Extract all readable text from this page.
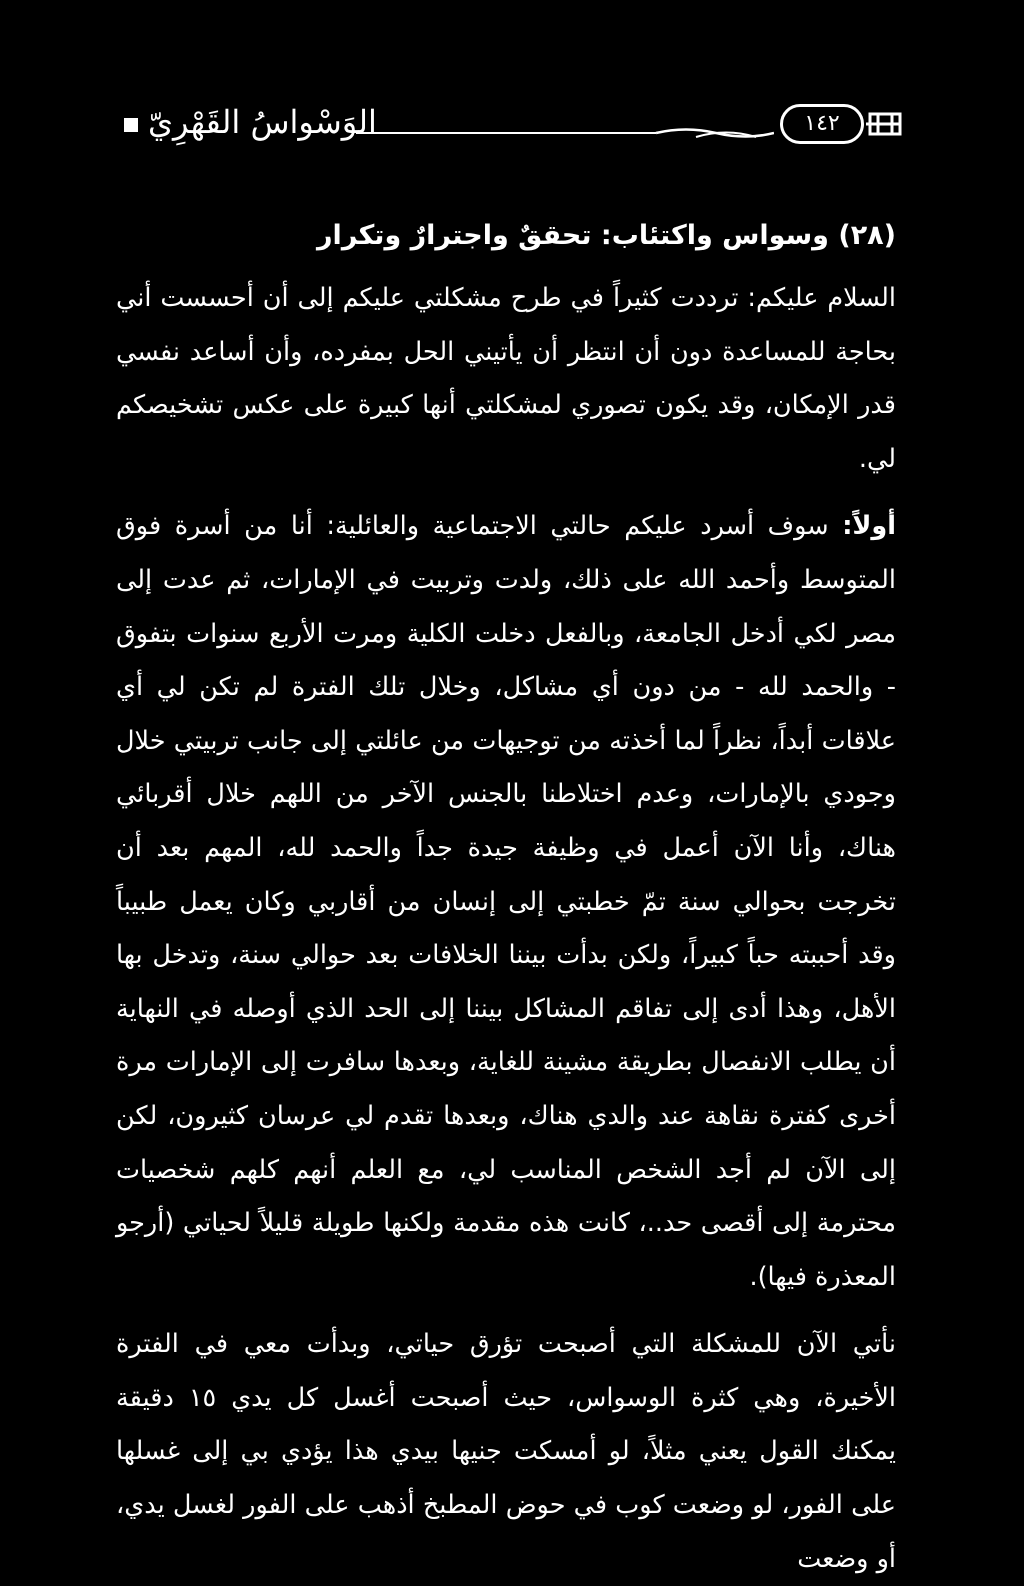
الوَسْواسُ القَهْرِيّ	١٤٢
(٢٨) وسواس واكتئاب: تحققٌ واجترارٌ وتكرار

السلام عليكم: ترددت كثيراً في طرح مشكلتي عليكم إلى أن أحسست أني بحاجة للمساعدة دون أن انتظر أن يأتيني الحل بمفرده، وأن أساعد نفسي قدر الإمكان، وقد يكون تصوري لمشكلتي أنها كبيرة على عكس تشخيصكم لي.

أولاً: سوف أسرد عليكم حالتي الاجتماعية والعائلية: أنا من أسرة فوق المتوسط وأحمد الله على ذلك، ولدت وتربيت في الإمارات، ثم عدت إلى مصر لكي أدخل الجامعة، وبالفعل دخلت الكلية ومرت الأربع سنوات بتفوق - والحمد لله - من دون أي مشاكل، وخلال تلك الفترة لم تكن لي أي علاقات أبداً، نظراً لما أخذته من توجيهات من عائلتي إلى جانب تربيتي خلال وجودي بالإمارات، وعدم اختلاطنا بالجنس الآخر من اللهم خلال أقربائي هناك، وأنا الآن أعمل في وظيفة جيدة جداً والحمد لله، المهم بعد أن تخرجت بحوالي سنة تمّ خطبتي إلى إنسان من أقاربي وكان يعمل طبيباً وقد أحببته حباً كبيراً، ولكن بدأت بيننا الخلافات بعد حوالي سنة، وتدخل بها الأهل، وهذا أدى إلى تفاقم المشاكل بيننا إلى الحد الذي أوصله في النهاية أن يطلب الانفصال بطريقة مشينة للغاية، وبعدها سافرت إلى الإمارات مرة أخرى كفترة نقاهة عند والدي هناك، وبعدها تقدم لي عرسان كثيرون، لكن إلى الآن لم أجد الشخص المناسب لي، مع العلم أنهم كلهم شخصيات محترمة إلى أقصى حد..، كانت هذه مقدمة ولكنها طويلة قليلاً لحياتي (أرجو المعذرة فيها).

نأتي الآن للمشكلة التي أصبحت تؤرق حياتي، وبدأت معي في الفترة الأخيرة، وهي كثرة الوسواس، حيث أصبحت أغسل كل يدي ١٥ دقيقة يمكنك القول يعني مثلاً، لو أمسكت جنيها بيدي هذا يؤدي بي إلى غسلها على الفور، لو وضعت كوب في حوض المطبخ أذهب على الفور لغسل يدي، أو وضعت
